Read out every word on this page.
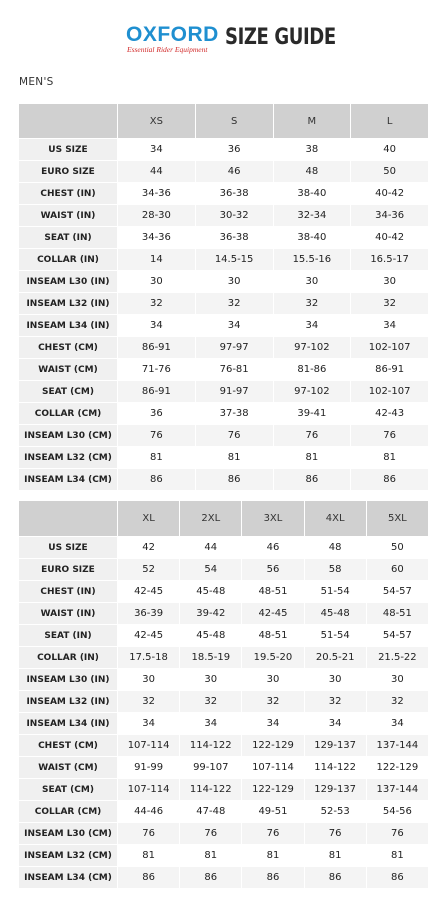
OXFORD
Essential Rider Equipment SIZE GUIDE
MEN'S
	XS	S	M	L
US SIZE	34	36	38	40
EURO SIZE	44	46	48	50
CHEST (IN)	34-36	36-38	38-40	40-42
WAIST (IN)	28-30	30-32	32-34	34-36
SEAT (IN)	34-36	36-38	38-40	40-42
COLLAR (IN)	14	14.5-15	15.5-16	16.5-17
INSEAM L30 (IN)	30	30	30	30
INSEAM L32 (IN)	32	32	32	32
INSEAM L34 (IN)	34	34	34	34
CHEST (CM)	86-91	97-97	97-102	102-107
WAIST (CM)	71-76	76-81	81-86	86-91
SEAT (CM)	86-91	91-97	97-102	102-107
COLLAR (CM)	36	37-38	39-41	42-43
INSEAM L30 (CM)	76	76	76	76
INSEAM L32 (CM)	81	81	81	81
INSEAM L34 (CM)	86	86	86	86
	XL	2XL	3XL	4XL	5XL
US SIZE	42	44	46	48	50
EURO SIZE	52	54	56	58	60
CHEST (IN)	42-45	45-48	48-51	51-54	54-57
WAIST (IN)	36-39	39-42	42-45	45-48	48-51
SEAT (IN)	42-45	45-48	48-51	51-54	54-57
COLLAR (IN)	17.5-18	18.5-19	19.5-20	20.5-21	21.5-22
INSEAM L30 (IN)	30	30	30	30	30
INSEAM L32 (IN)	32	32	32	32	32
INSEAM L34 (IN)	34	34	34	34	34
CHEST (CM)	107-114	114-122	122-129	129-137	137-144
WAIST (CM)	91-99	99-107	107-114	114-122	122-129
SEAT (CM)	107-114	114-122	122-129	129-137	137-144
COLLAR (CM)	44-46	47-48	49-51	52-53	54-56
INSEAM L30 (CM)	76	76	76	76	76
INSEAM L32 (CM)	81	81	81	81	81
INSEAM L34 (CM)	86	86	86	86	86
